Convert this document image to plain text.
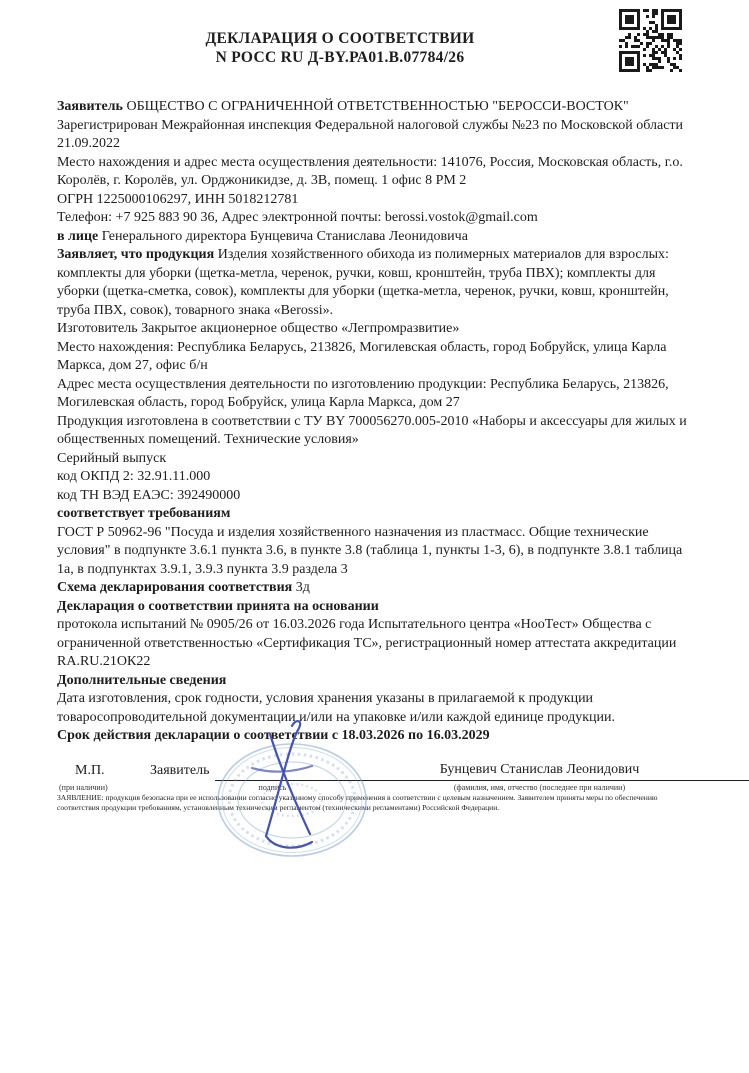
ДЕКЛАРАЦИЯ О СООТВЕТСТВИИ
N РОСС RU Д-BY.РА01.B.07784/26

Заявитель ОБЩЕСТВО С ОГРАНИЧЕННОЙ ОТВЕТСТВЕННОСТЬЮ "БЕРОССИ-ВОСТОК"

Зарегистрирован Межрайонная инспекция Федеральной налоговой службы №23 по Московской области 21.09.2022

Место нахождения и адрес места осуществления деятельности: 141076, Россия, Московская область, г.о. Королёв, г. Королёв, ул. Орджоникидзе, д. 3В, помещ. 1 офис 8 РМ 2

ОГРН 1225000106297, ИНН 5018212781

Телефон: +7 925 883 90 36, Адрес электронной почты: berossi.vostok@gmail.com

в лице Генерального директора Бунцевича Станислава Леонидовича

Заявляет, что продукция Изделия хозяйственного обихода из полимерных материалов для взрослых: комплекты для уборки (щетка-метла, черенок, ручки, ковш, кронштейн, труба ПВХ); комплекты для уборки (щетка-сметка, совок), комплекты для уборки (щетка-метла, черенок, ручки, ковш, кронштейн, труба ПВХ, совок), товарного знака «Berossi».

Изготовитель Закрытое акционерное общество «Легпромразвитие»

Место нахождения: Республика Беларусь, 213826, Могилевская область, город Бобруйск, улица Карла Маркса, дом 27, офис б/н

Адрес места осуществления деятельности по изготовлению продукции: Республика Беларусь, 213826, Могилевская область, город Бобруйск, улица Карла Маркса, дом 27

Продукция изготовлена в соответствии с ТУ BY 700056270.005-2010 «Наборы и аксессуары для жилых и общественных помещений. Технические условия»

Серийный выпуск

код ОКПД 2: 32.91.11.000

код ТН ВЭД ЕАЭС: 392490000

соответствует требованиям

ГОСТ Р 50962-96 "Посуда и изделия хозяйственного назначения из пластмасс. Общие технические условия" в подпункте 3.6.1 пункта 3.6, в пункте 3.8 (таблица 1, пункты 1-3, 6), в подпункте 3.8.1 таблица 1а, в подпунктах 3.9.1, 3.9.3 пункта 3.9 раздела 3

Схема декларирования соответствия 3д

Декларация о соответствии принята на основании

протокола испытаний № 0905/26 от 16.03.2026 года Испытательного центра «НооТест» Общества с ограниченной ответственностью «Сертификация ТС», регистрационный номер аттестата аккредитации RA.RU.21ОК22

Дополнительные сведения

Дата изготовления, срок годности, условия хранения указаны в прилагаемой к продукции товаросопроводительной документации и/или на упаковке и/или каждой единице продукции.

Срок действия декларации о соответствии с 18.03.2026 по 16.03.2029

М.П.	Заявитель	Бунцевич Станислав Леонидович
(при наличии)	подпись	(фамилия, имя, отчество (последнее при наличии)

ЗАЯВЛЕНИЕ: продукция безопасна при ее использовании согласно указанному способу применения в соответствии с целевым назначением. Заявителем приняты меры по обеспечению соответствия продукции требованиям, установленным техническим регламентом (техническими регламентами) Российской Федерации.
